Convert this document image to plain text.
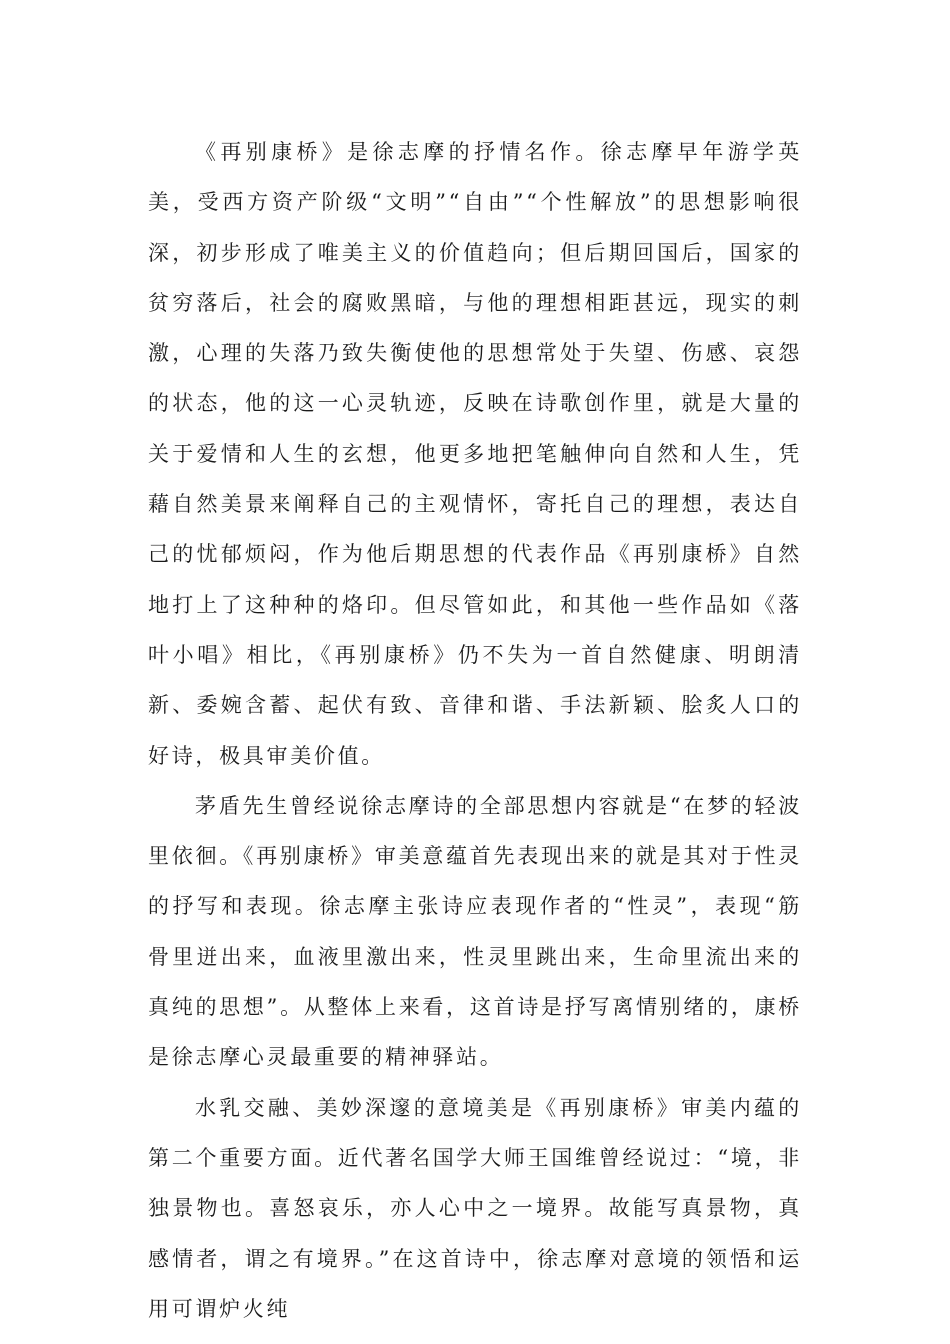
《再别康桥》是徐志摩的抒情名作。徐志摩早年游学英美，受西方资产阶级“文明”“自由”“个性解放”的思想影响很深，初步形成了唯美主义的价值趋向；但后期回国后，国家的贫穷落后，社会的腐败黑暗，与他的理想相距甚远，现实的刺激，心理的失落乃致失衡使他的思想常处于失望、伤感、哀怨的状态，他的这一心灵轨迹，反映在诗歌创作里，就是大量的关于爱情和人生的玄想，他更多地把笔触伸向自然和人生，凭藉自然美景来阐释自己的主观情怀，寄托自己的理想，表达自己的忧郁烦闷，作为他后期思想的代表作品《再别康桥》自然地打上了这种种的烙印。但尽管如此，和其他一些作品如《落叶小唱》相比，《再别康桥》仍不失为一首自然健康、明朗清新、委婉含蓄、起伏有致、音律和谐、手法新颖、脍炙人口的好诗，极具审美价值。

茅盾先生曾经说徐志摩诗的全部思想内容就是“在梦的轻波里依徊。《再别康桥》审美意蕴首先表现出来的就是其对于性灵的抒写和表现。徐志摩主张诗应表现作者的“性灵”，表现“筋骨里迸出来，血液里激出来，性灵里跳出来，生命里流出来的真纯的思想”。从整体上来看，这首诗是抒写离情别绪的，康桥是徐志摩心灵最重要的精神驿站。

水乳交融、美妙深邃的意境美是《再别康桥》审美内蕴的第二个重要方面。近代著名国学大师王国维曾经说过：“境，非独景物也。喜怒哀乐，亦人心中之一境界。故能写真景物，真感情者，谓之有境界。”在这首诗中，徐志摩对意境的领悟和运用可谓炉火纯
